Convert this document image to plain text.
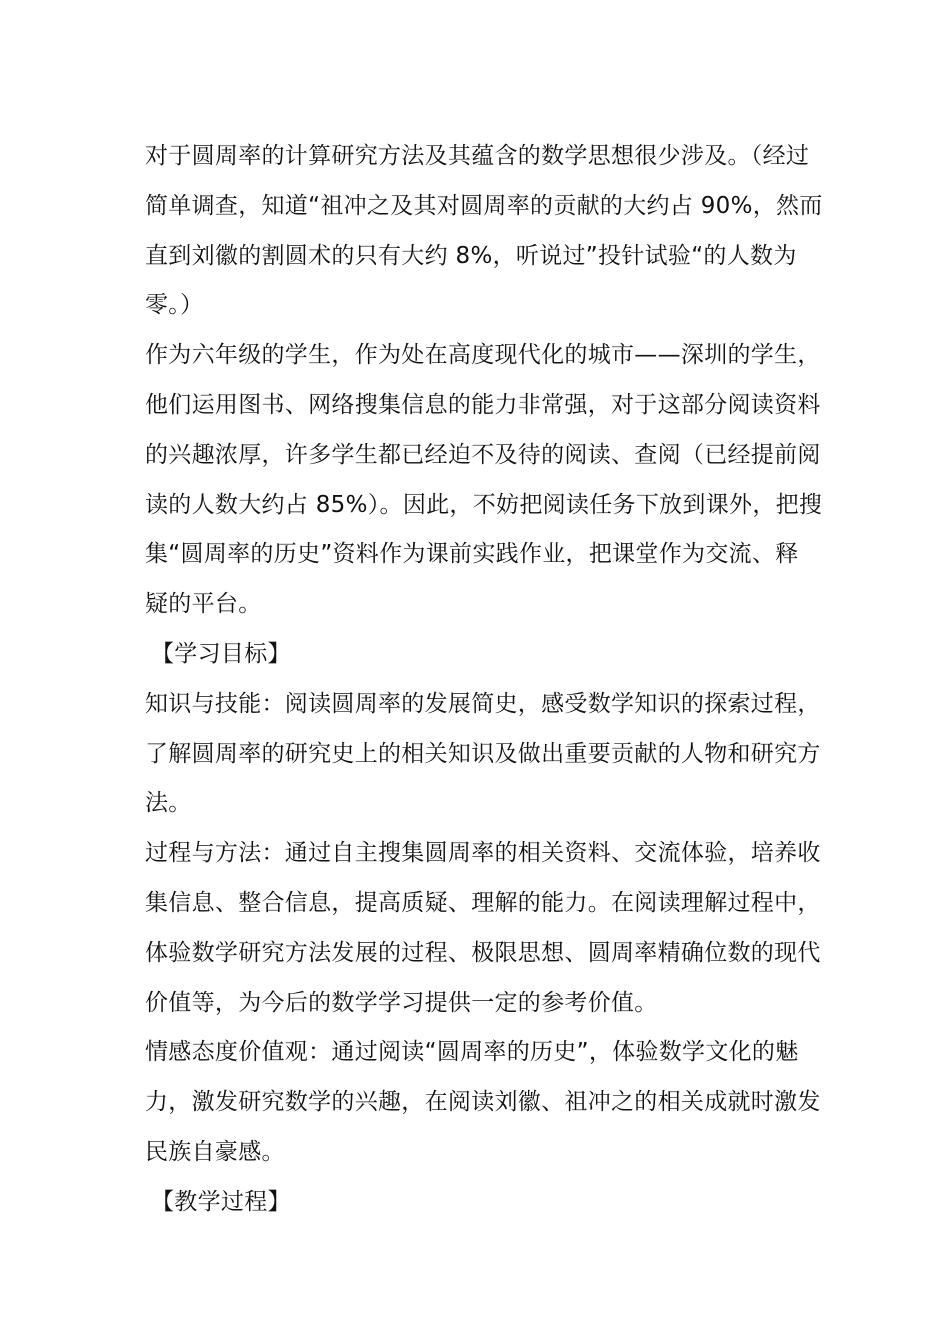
对于圆周率的计算研究方法及其蕴含的数学思想很少涉及。（经过
简单调查，知道“祖冲之及其对圆周率的贡献的大约占 90%，然而
直到刘徽的割圆术的只有大约 8%，听说过”投针试验“的人数为
零。）
作为六年级的学生，作为处在高度现代化的城市——深圳的学生，
他们运用图书、网络搜集信息的能力非常强，对于这部分阅读资料
的兴趣浓厚，许多学生都已经迫不及待的阅读、查阅（已经提前阅
读的人数大约占 85%）。因此，不妨把阅读任务下放到课外，把搜
集“圆周率的历史”资料作为课前实践作业，把课堂作为交流、释
疑的平台。
【学习目标】
知识与技能：阅读圆周率的发展简史，感受数学知识的探索过程，
了解圆周率的研究史上的相关知识及做出重要贡献的人物和研究方
法。
过程与方法：通过自主搜集圆周率的相关资料、交流体验，培养收
集信息、整合信息，提高质疑、理解的能力。在阅读理解过程中，
体验数学研究方法发展的过程、极限思想、圆周率精确位数的现代
价值等，为今后的数学学习提供一定的参考价值。
情感态度价值观：通过阅读“圆周率的历史”，体验数学文化的魅
力，激发研究数学的兴趣，在阅读刘徽、祖冲之的相关成就时激发
民族自豪感。
【教学过程】
